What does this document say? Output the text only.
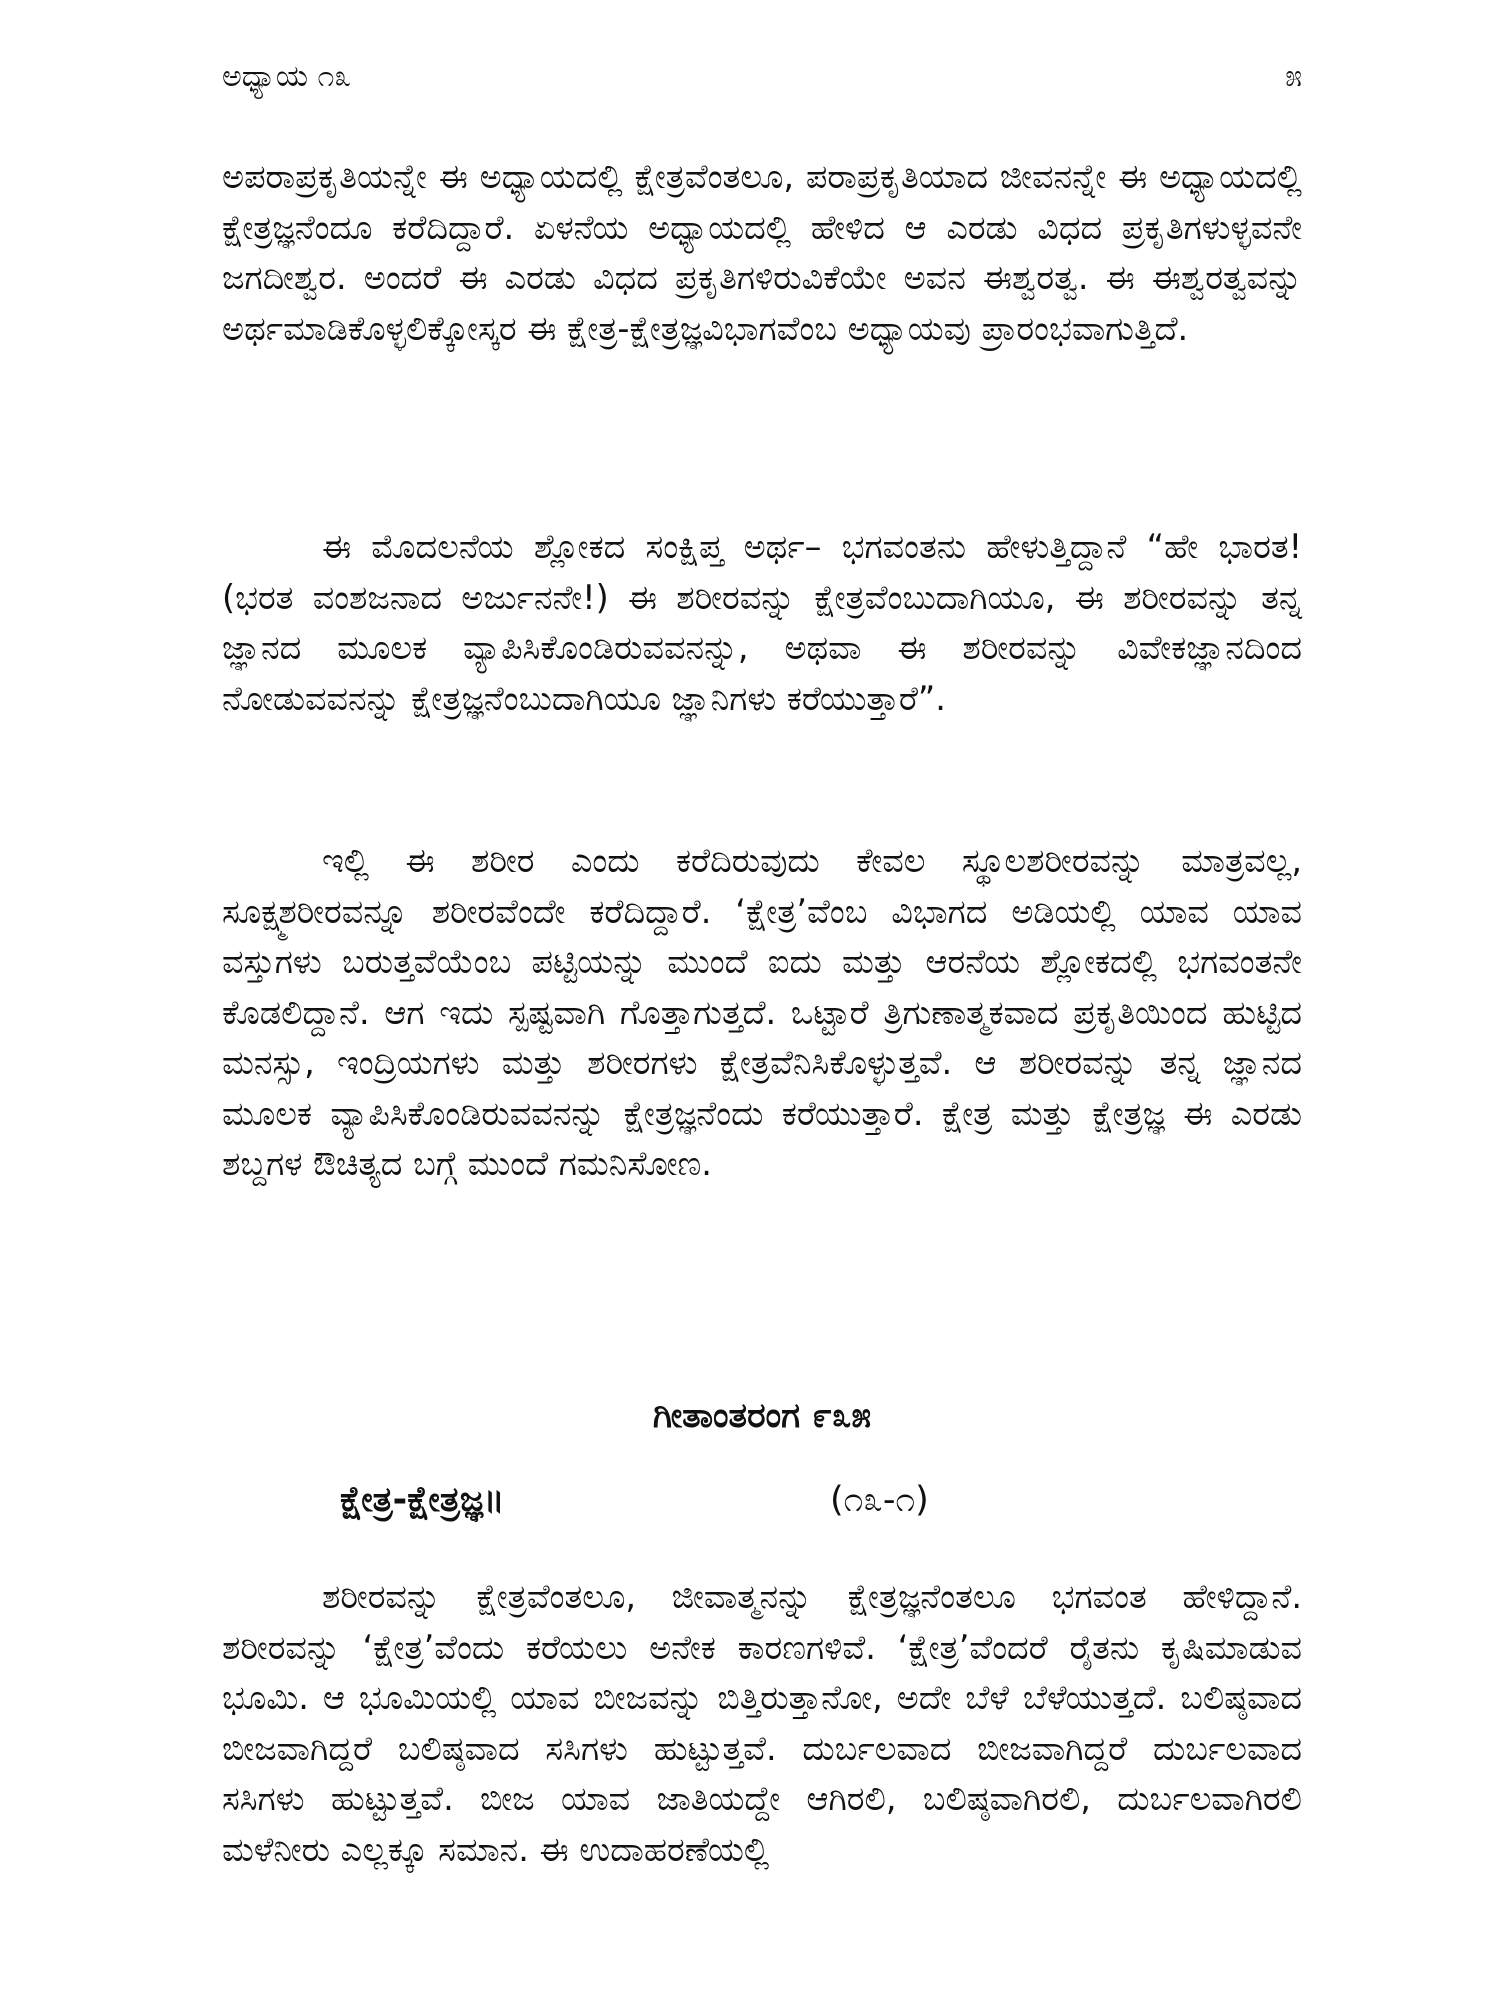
ಅಧ್ಯಾಯ ೧೩	೫

ಅಪರಾಪ್ರಕೃತಿಯನ್ನೇ ಈ ಅಧ್ಯಾಯದಲ್ಲಿ ಕ್ಷೇತ್ರವೆಂತಲೂ, ಪರಾಪ್ರಕೃತಿಯಾದ ಜೀವನನ್ನೇ ಈ ಅಧ್ಯಾಯದಲ್ಲಿ ಕ್ಷೇತ್ರಜ್ಞನೆಂದೂ ಕರೆದಿದ್ದಾರೆ. ಏಳನೆಯ ಅಧ್ಯಾಯದಲ್ಲಿ ಹೇಳಿದ ಆ ಎರಡು ವಿಧದ ಪ್ರಕೃತಿಗಳುಳ್ಳವನೇ ಜಗದೀಶ್ವರ. ಅಂದರೆ ಈ ಎರಡು ವಿಧದ ಪ್ರಕೃತಿಗಳಿರುವಿಕೆಯೇ ಅವನ ಈಶ್ವರತ್ವ. ಈ ಈಶ್ವರತ್ವವನ್ನು ಅರ್ಥಮಾಡಿಕೊಳ್ಳಲಿಕ್ಕೋಸ್ಕರ ಈ ಕ್ಷೇತ್ರ-ಕ್ಷೇತ್ರಜ್ಞವಿಭಾಗವೆಂಬ ಅಧ್ಯಾಯವು ಪ್ರಾರಂಭವಾಗುತ್ತಿದೆ.

ಈ ಮೊದಲನೆಯ ಶ್ಲೋಕದ ಸಂಕ್ಷಿಪ್ತ ಅರ್ಥ– ಭಗವಂತನು ಹೇಳುತ್ತಿದ್ದಾನೆ “ಹೇ ಭಾರತ! (ಭರತ ವಂಶಜನಾದ ಅರ್ಜುನನೇ!) ಈ ಶರೀರವನ್ನು ಕ್ಷೇತ್ರವೆಂಬುದಾಗಿಯೂ, ಈ ಶರೀರವನ್ನು ತನ್ನ ಜ್ಞಾನದ ಮೂಲಕ ವ್ಯಾಪಿಸಿಕೊಂಡಿರುವವನನ್ನು, ಅಥವಾ ಈ ಶರೀರವನ್ನು ವಿವೇಕಜ್ಞಾನದಿಂದ ನೋಡುವವನನ್ನು ಕ್ಷೇತ್ರಜ್ಞನೆಂಬುದಾಗಿಯೂ ಜ್ಞಾನಿಗಳು ಕರೆಯುತ್ತಾರೆ”.

ಇಲ್ಲಿ ಈ ಶರೀರ ಎಂದು ಕರೆದಿರುವುದು ಕೇವಲ ಸ್ಥೂಲಶರೀರವನ್ನು ಮಾತ್ರವಲ್ಲ, ಸೂಕ್ಷ್ಮಶರೀರವನ್ನೂ ಶರೀರವೆಂದೇ ಕರೆದಿದ್ದಾರೆ. ‘ಕ್ಷೇತ್ರ’ವೆಂಬ ವಿಭಾಗದ ಅಡಿಯಲ್ಲಿ ಯಾವ ಯಾವ ವಸ್ತುಗಳು ಬರುತ್ತವೆಯೆಂಬ ಪಟ್ಟಿಯನ್ನು ಮುಂದೆ ಐದು ಮತ್ತು ಆರನೆಯ ಶ್ಲೋಕದಲ್ಲಿ ಭಗವಂತನೇ ಕೊಡಲಿದ್ದಾನೆ. ಆಗ ಇದು ಸ್ಪಷ್ಟವಾಗಿ ಗೊತ್ತಾಗುತ್ತದೆ. ಒಟ್ಟಾರೆ ತ್ರಿಗುಣಾತ್ಮಕವಾದ ಪ್ರಕೃತಿಯಿಂದ ಹುಟ್ಟಿದ ಮನಸ್ಸು, ಇಂದ್ರಿಯಗಳು ಮತ್ತು ಶರೀರಗಳು ಕ್ಷೇತ್ರವೆನಿಸಿಕೊಳ್ಳುತ್ತವೆ. ಆ ಶರೀರವನ್ನು ತನ್ನ ಜ್ಞಾನದ ಮೂಲಕ ವ್ಯಾಪಿಸಿಕೊಂಡಿರುವವನನ್ನು ಕ್ಷೇತ್ರಜ್ಞನೆಂದು ಕರೆಯುತ್ತಾರೆ. ಕ್ಷೇತ್ರ ಮತ್ತು ಕ್ಷೇತ್ರಜ್ಞ ಈ ಎರಡು ಶಬ್ದಗಳ ಔಚಿತ್ಯದ ಬಗ್ಗೆ ಮುಂದೆ ಗಮನಿಸೋಣ.

ಗೀತಾಂತರಂಗ ೯೩೫
ಕ್ಷೇತ್ರ-ಕ್ಷೇತ್ರಜ್ಞ॥	(೧೩-೧)

ಶರೀರವನ್ನು ಕ್ಷೇತ್ರವೆಂತಲೂ, ಜೀವಾತ್ಮನನ್ನು ಕ್ಷೇತ್ರಜ್ಞನೆಂತಲೂ ಭಗವಂತ ಹೇಳಿದ್ದಾನೆ. ಶರೀರವನ್ನು ‘ಕ್ಷೇತ್ರ’ವೆಂದು ಕರೆಯಲು ಅನೇಕ ಕಾರಣಗಳಿವೆ. ‘ಕ್ಷೇತ್ರ’ವೆಂದರೆ ರೈತನು ಕೃಷಿಮಾಡುವ ಭೂಮಿ. ಆ ಭೂಮಿಯಲ್ಲಿ ಯಾವ ಬೀಜವನ್ನು ಬಿತ್ತಿರುತ್ತಾನೋ, ಅದೇ ಬೆಳೆ ಬೆಳೆಯುತ್ತದೆ. ಬಲಿಷ್ಠವಾದ ಬೀಜವಾಗಿದ್ದರೆ ಬಲಿಷ್ಠವಾದ ಸಸಿಗಳು ಹುಟ್ಟುತ್ತವೆ. ದುರ್ಬಲವಾದ ಬೀಜವಾಗಿದ್ದರೆ ದುರ್ಬಲವಾದ ಸಸಿಗಳು ಹುಟ್ಟುತ್ತವೆ. ಬೀಜ ಯಾವ ಜಾತಿಯದ್ದೇ ಆಗಿರಲಿ, ಬಲಿಷ್ಠವಾಗಿರಲಿ, ದುರ್ಬಲವಾಗಿರಲಿ ಮಳೆನೀರು ಎಲ್ಲಕ್ಕೂ ಸಮಾನ. ಈ ಉದಾಹರಣೆಯಲ್ಲಿ
